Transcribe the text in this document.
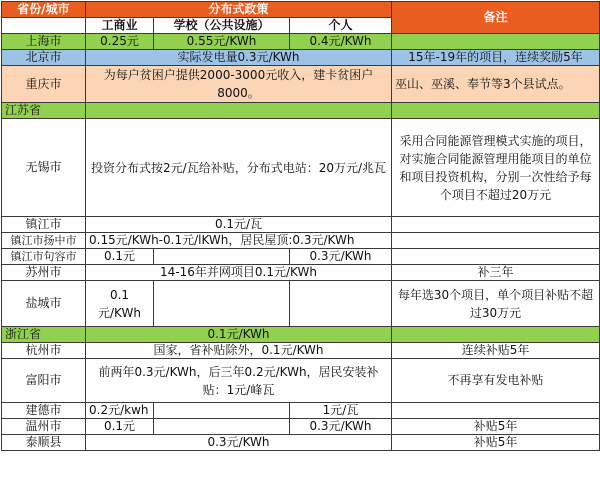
省份/城市	分布式政策			备注
	工商业	学校（公共设施）	个人	
上海市	0.25元	0.55元/KWh	0.4元/KWh	
北京市	实际发电量0.3元/KWh			15年-19年的项目，连续奖励5年
重庆市	为每户贫困户提供2000-3000元收入，建卡贫困户8000。			巫山、巫溪、奉节等3个县试点。
江苏省				
无锡市	投资分布式按2元/瓦给补贴，分布式电站：20万元/兆瓦			采用合同能源管理模式实施的项目，对实施合同能源管理用能项目的单位和项目投资机构，分别一次性给予每个项目不超过20万元
镇江市	0.1元/瓦			
镇江市扬中市	0.15元/KWh-0.1元/lKWh，居民屋顶:0.3元/KWh			
镇江市句容市	0.1元		0.3元/KWh	
苏州市	14-16年并网项目0.1元/KWh			补三年
盐城市	0.1元/KWh			每年选30个项目，单个项目补贴不超过30万元
浙江省	0.1元/KWh			
杭州市	国家，省补贴除外，0.1元/KWh			连续补贴5年
富阳市	前两年0.3元/KWh，后三年0.2元/KWh，居民安装补贴：1元/峰瓦			不再享有发电补贴
建德市	0.2元/kwh		1元/瓦	
温州市	0.1元		0.3元/KWh	补贴5年
泰顺县	0.3元/KWh			补贴5年
